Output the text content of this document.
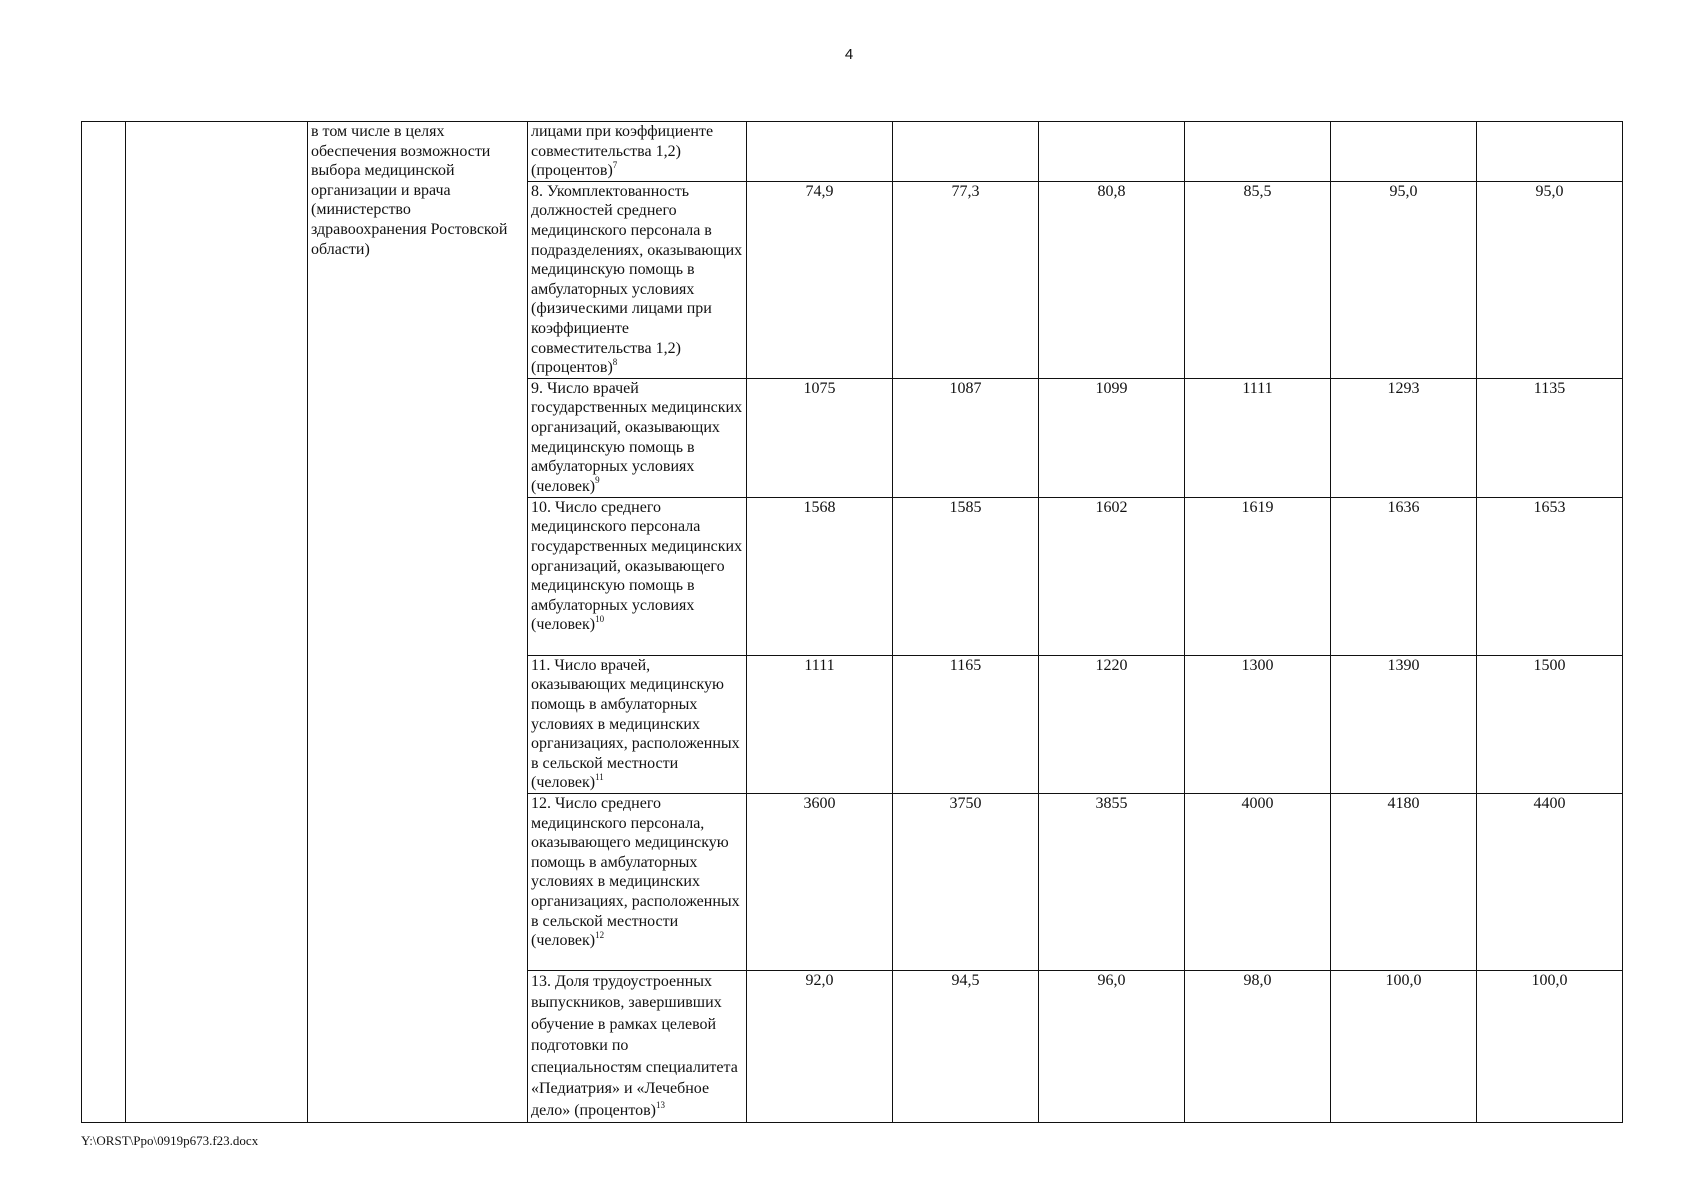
4
		в том числе в целях обеспечения возможности выбора медицинской организации и врача (министерство здравоохранения Ростовской области)	лицами при коэффициенте совместительства 1,2) (процентов)$^7$						
			8. Укомплектованность должностей среднего медицинского персонала в подразделениях, оказывающих медицинскую помощь в амбулаторных условиях (физическими лицами при коэффициенте совместительства 1,2) (процентов)$^8$	74,9	77,3	80,8	85,5	95,0	95,0
			9. Число врачей государственных медицинских организаций, оказывающих медицинскую помощь в амбулаторных условиях (человек)$^9$	1075	1087	1099	1111	1293	1135
			10. Число среднего медицинского персонала государственных медицинских организаций, оказывающего медицинскую помощь в амбулаторных условиях (человек)$^{10}$	1568	1585	1602	1619	1636	1653
			11. Число врачей, оказывающих медицинскую помощь в амбулаторных условиях в медицинских организациях, расположенных в сельской местности (человек)$^{11}$	1111	1165	1220	1300	1390	1500
			12. Число среднего медицинского персонала, оказывающего медицинскую помощь в амбулаторных условиях в медицинских организациях, расположенных в сельской местности (человек)$^{12}$	3600	3750	3855	4000	4180	4400
			13. Доля трудоустроенных выпускников, завершивших обучение в рамках целевой подготовки по специальностям специалитета «Педиатрия» и «Лечебное дело» (процентов)$^{13}$	92,0	94,5	96,0	98,0	100,0	100,0
Y:\ORST\Ppo\0919p673.f23.docx
